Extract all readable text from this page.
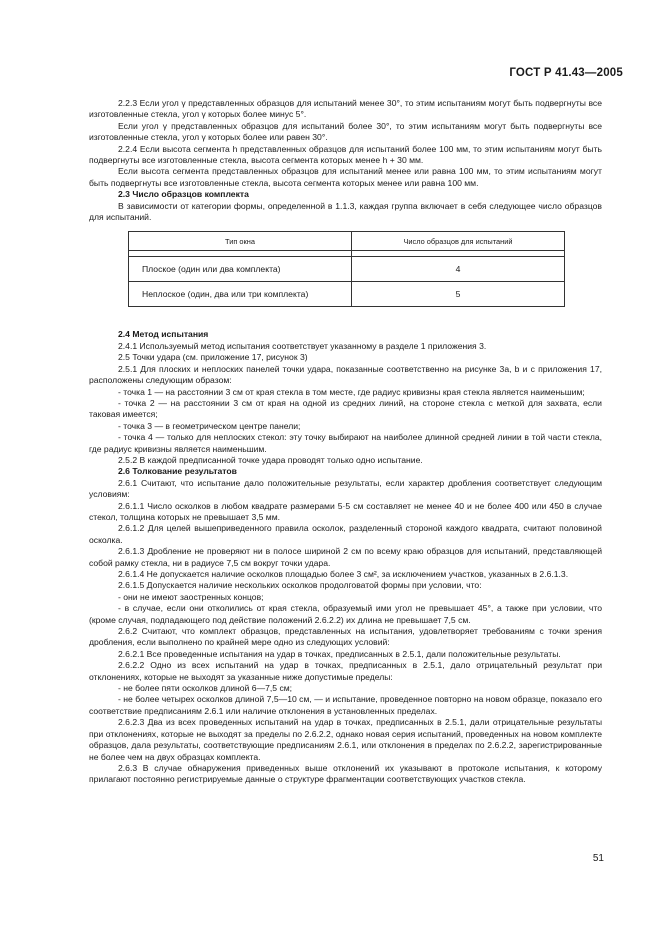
ГОСТ Р 41.43—2005

2.2.3 Если угол γ представленных образцов для испытаний менее 30°, то этим испытаниям могут быть подвергнуты все изготовленные стекла, угол γ которых более минус 5°.

Если угол γ представленных образцов для испытаний более 30°, то этим испытаниям могут быть подвергнуты все изготовленные стекла, угол γ которых более или равен 30°.

2.2.4 Если высота сегмента h представленных образцов для испытаний более 100 мм, то этим испытаниям могут быть подвергнуты все изготовленные стекла, высота сегмента которых менее h + 30 мм.

Если высота сегмента представленных образцов для испытаний менее или равна 100 мм, то этим испытаниям могут быть подвергнуты все изготовленные стекла, высота сегмента которых менее или равна 100 мм.

2.3 Число образцов комплекта

В зависимости от категории формы, определенной в 1.1.3, каждая группа включает в себя следующее число образцов для испытаний.

Тип окна	Число образцов для испытаний

Плоское (один или два комплекта)	4
Неплоское (один, два или три комплекта)	5

2.4 Метод испытания

2.4.1 Используемый метод испытания соответствует указанному в разделе 1 приложения 3.

2.5 Точки удара (см. приложение 17, рисунок 3)

2.5.1 Для плоских и неплоских панелей точки удара, показанные соответственно на рисунке 3а, b и c приложения 17, расположены следующим образом:

- точка 1 — на расстоянии 3 см от края стекла в том месте, где радиус кривизны края стекла является наименьшим;

- точка 2 — на расстоянии 3 см от края на одной из средних линий, на стороне стекла с меткой для захвата, если таковая имеется;

- точка 3 — в геометрическом центре панели;

- точка 4 — только для неплоских стекол: эту точку выбирают на наиболее длинной средней линии в той части стекла, где радиус кривизны является наименьшим.

2.5.2 В каждой предписанной точке удара проводят только одно испытание.

2.6 Толкование результатов

2.6.1 Считают, что испытание дало положительные результаты, если характер дробления соответствует следующим условиям:

2.6.1.1 Число осколков в любом квадрате размерами 5·5 см составляет не менее 40 и не более 400 или 450 в случае стекол, толщина которых не превышает 3,5 мм.

2.6.1.2 Для целей вышеприведенного правила осколок, разделенный стороной каждого квадрата, считают половиной осколка.

2.6.1.3 Дробление не проверяют ни в полосе шириной 2 см по всему краю образцов для испытаний, представляющей собой рамку стекла, ни в радиусе 7,5 см вокруг точки удара.

2.6.1.4 Не допускается наличие осколков площадью более 3 см², за исключением участков, указанных в 2.6.1.3.

2.6.1.5 Допускается наличие нескольких осколков продолговатой формы при условии, что:

- они не имеют заостренных концов;

- в случае, если они отколились от края стекла, образуемый ими угол не превышает 45°, а также при условии, что (кроме случая, подпадающего под действие положений 2.6.2.2) их длина не превышает 7,5 см.

2.6.2 Считают, что комплект образцов, представленных на испытания, удовлетворяет требованиям с точки зрения дробления, если выполнено по крайней мере одно из следующих условий:

2.6.2.1 Все проведенные испытания на удар в точках, предписанных в 2.5.1, дали положительные результаты.

2.6.2.2 Одно из всех испытаний на удар в точках, предписанных в 2.5.1, дало отрицательный результат при отклонениях, которые не выходят за указанные ниже допустимые пределы:

- не более пяти осколков длиной 6—7,5 см;

- не более четырех осколков длиной 7,5—10 см, — и испытание, проведенное повторно на новом образце, показало его соответствие предписаниям 2.6.1 или наличие отклонения в установленных пределах.

2.6.2.3 Два из всех проведенных испытаний на удар в точках, предписанных в 2.5.1, дали отрицательные результаты при отклонениях, которые не выходят за пределы по 2.6.2.2, однако новая серия испытаний, проведенных на новом комплекте образцов, дала результаты, соответствующие предписаниям 2.6.1, или отклонения в пределах по 2.6.2.2, зарегистрированные не более чем на двух образцах комплекта.

2.6.3 В случае обнаружения приведенных выше отклонений их указывают в протоколе испытания, к которому прилагают постоянно регистрируемые данные о структуре фрагментации соответствующих участков стекла.

51
